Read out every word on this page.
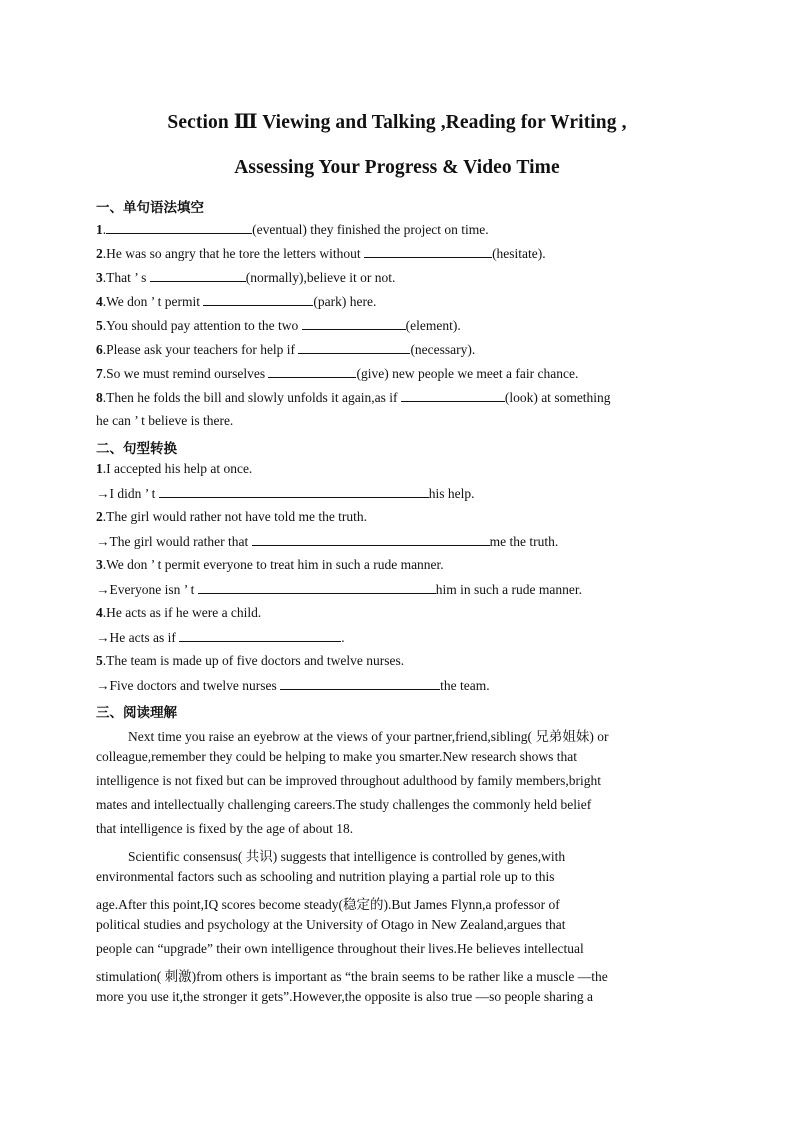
Section Ⅲ Viewing and Talking ,Reading for Writing ,
Assessing Your Progress & Video Time
一、单句语法填空
1.	(eventual) they finished the project on time.
2.He was so angry that he tore the letters without	(hesitate).
3.That ’ s	(normally),believe it or not.
4.We don ’ t permit	(park) here.
5.You should pay attention to the two	(element).
6.Please ask your teachers for help if	(necessary).
7.So we must remind ourselves	(give) new people we meet a fair chance.
8.Then he folds the bill and slowly unfolds it again,as if	(look) at something
he can ’ t believe is there.
二、句型转换
1.I accepted his help at once.
→I didn ’ t	his help.
2.The girl would rather not have told me the truth.
→The girl would rather that	me the truth.
3.We don ’ t permit everyone to treat him in such a rude manner.
→Everyone isn ’ t	him in such a rude manner.
4.He acts as if he were a child.
→He acts as if	.
5.The team is made up of five doctors and twelve nurses.
→Five doctors and twelve nurses	the team.
三、阅读理解
Next time you raise an eyebrow at the views of your partner,friend,sibling( 兄弟姐妹) or
colleague,remember they could be helping to make you smarter.New research shows that
intelligence is not fixed but can be improved throughout adulthood by family members,bright
mates and intellectually challenging careers.The study challenges the commonly held belief
that intelligence is fixed by the age of about 18.
Scientific consensus( 共识) suggests that intelligence is controlled by genes,with
environmental factors such as schooling and nutrition playing a partial role up to this
age.After this point,IQ scores become steady(稳定的).But James Flynn,a professor of
political studies and psychology at the University of Otago in New Zealand,argues that
people can “upgrade” their own intelligence throughout their lives.He believes intellectual
stimulation( 刺激)from others is important as “the brain seems to be rather like a muscle —the
more you use it,the stronger it gets”.However,the opposite is also true —so people sharing a
